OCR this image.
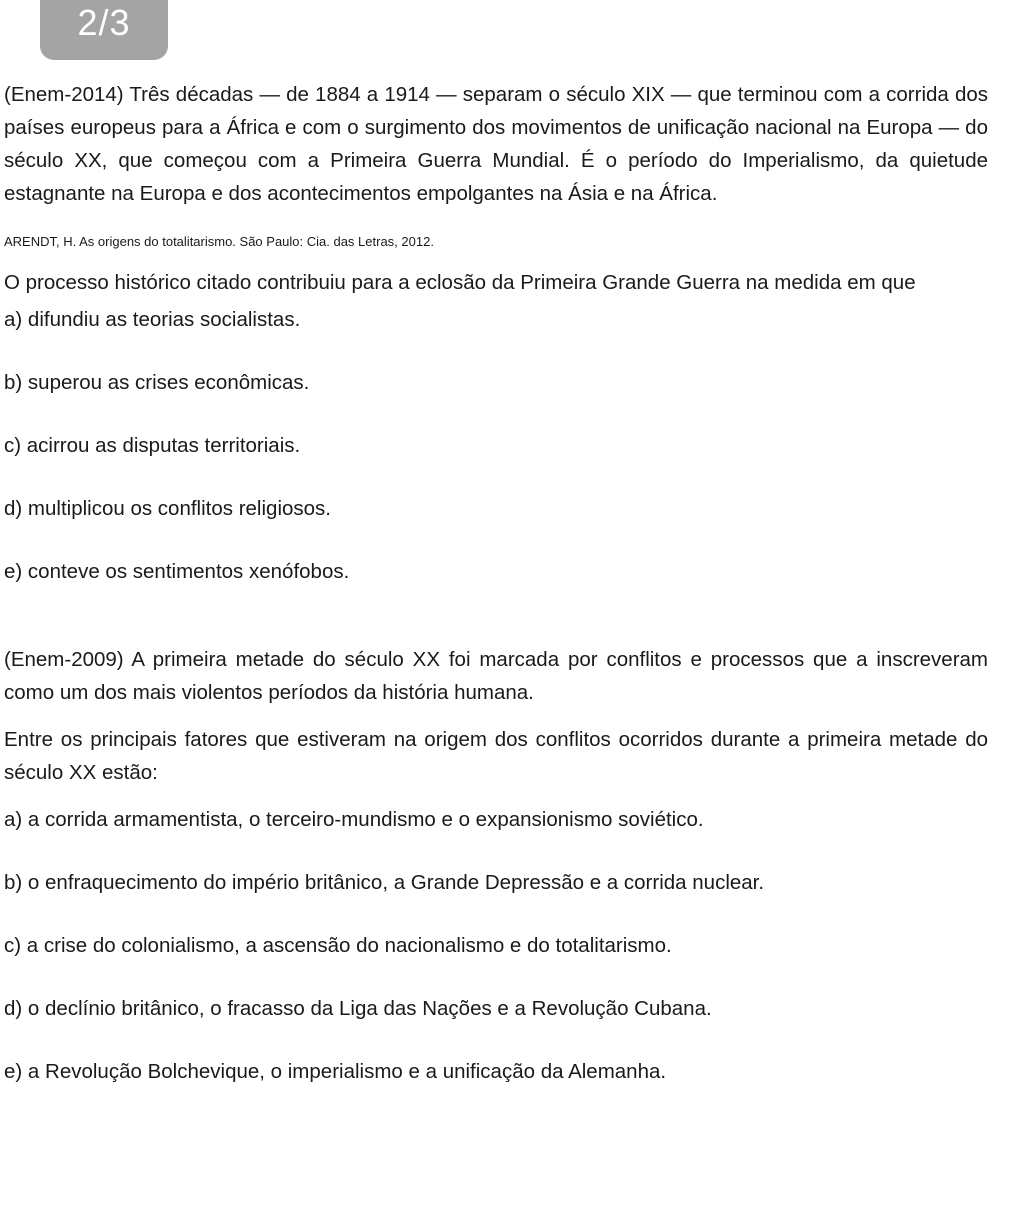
2/3

(Enem-2014) Três décadas — de 1884 a 1914 — separam o século XIX — que terminou com a corrida dos países europeus para a África e com o surgimento dos movimentos de unificação nacional na Europa — do século XX, que começou com a Primeira Guerra Mundial. É o período do Imperialismo, da quietude estagnante na Europa e dos acontecimentos empolgantes na Ásia e na África.

ARENDT, H. As origens do totalitarismo. São Paulo: Cia. das Letras, 2012.

O processo histórico citado contribuiu para a eclosão da Primeira Grande Guerra na medida em que

a) difundiu as teorias socialistas.

b) superou as crises econômicas.

c) acirrou as disputas territoriais.

d) multiplicou os conflitos religiosos.

e) conteve os sentimentos xenófobos.

(Enem-2009) A primeira metade do século XX foi marcada por conflitos e processos que a inscreveram como um dos mais violentos períodos da história humana.

Entre os principais fatores que estiveram na origem dos conflitos ocorridos durante a primeira metade do século XX estão:

a) a corrida armamentista, o terceiro-mundismo e o expansionismo soviético.

b) o enfraquecimento do império britânico, a Grande Depressão e a corrida nuclear.

c) a crise do colonialismo, a ascensão do nacionalismo e do totalitarismo.

d) o declínio britânico, o fracasso da Liga das Nações e a Revolução Cubana.

e) a Revolução Bolchevique, o imperialismo e a unificação da Alemanha.
